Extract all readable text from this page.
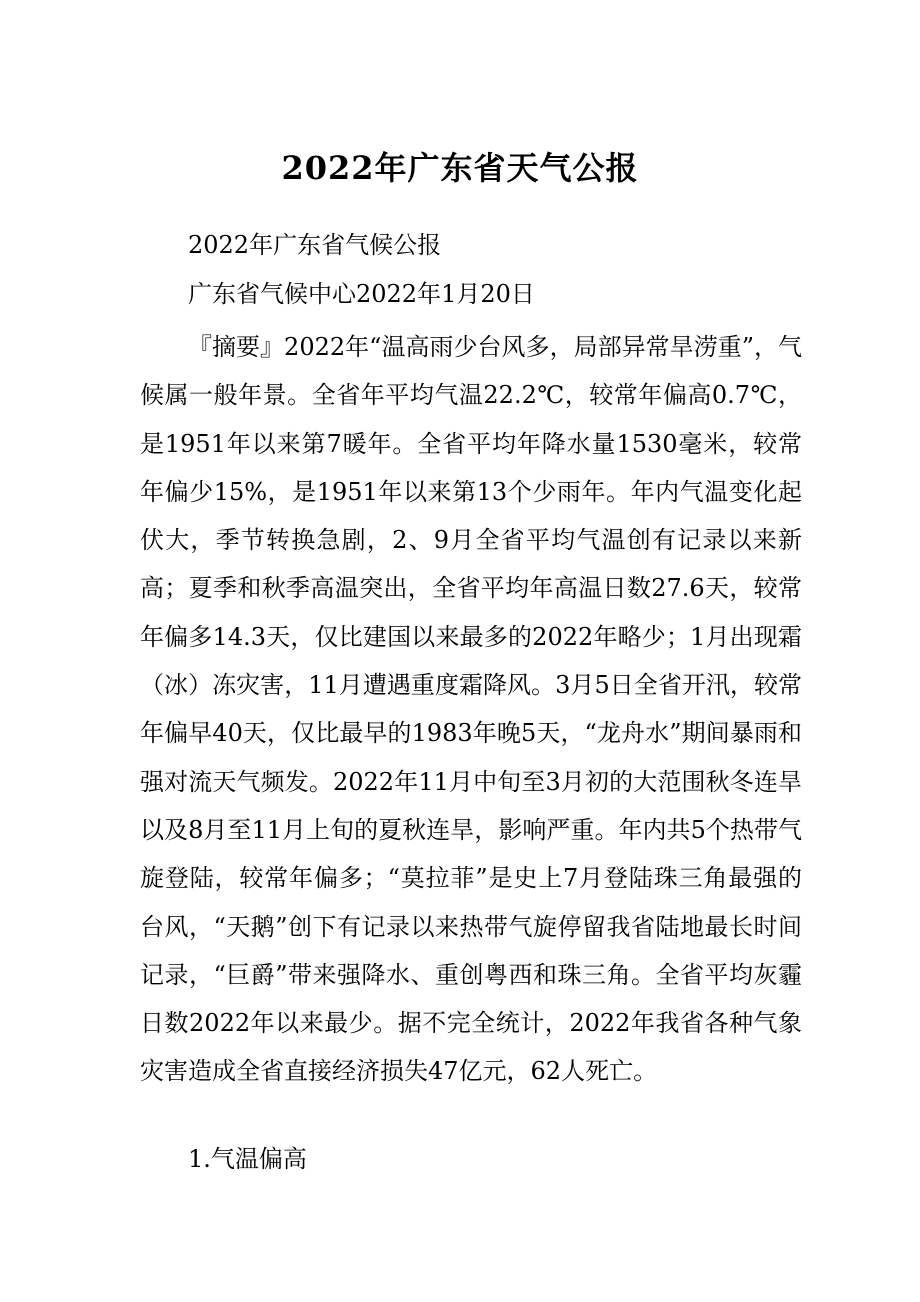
2022年广东省天气公报
2022年广东省气候公报
广东省气候中心2022年1月20日
『摘要』2022年“温高雨少台风多，局部异常旱涝重”，气候属一般年景。全省年平均气温22.2℃，较常年偏高0.7℃，是1951年以来第7暖年。全省平均年降水量1530毫米，较常年偏少15%，是1951年以来第13个少雨年。年内气温变化起伏大，季节转换急剧，2、9月全省平均气温创有记录以来新高；夏季和秋季高温突出，全省平均年高温日数27.6天，较常年偏多14.3天，仅比建国以来最多的2022年略少；1月出现霜（冰）冻灾害，11月遭遇重度霜降风。3月5日全省开汛，较常年偏早40天，仅比最早的1983年晚5天，“龙舟水”期间暴雨和强对流天气频发。2022年11月中旬至3月初的大范围秋冬连旱以及8月至11月上旬的夏秋连旱，影响严重。年内共5个热带气旋登陆，较常年偏多；“莫拉菲”是史上7月登陆珠三角最强的台风，“天鹅”创下有记录以来热带气旋停留我省陆地最长时间记录，“巨爵”带来强降水、重创粤西和珠三角。全省平均灰霾日数2022年以来最少。据不完全统计，2022年我省各种气象灾害造成全省直接经济损失47亿元，62人死亡。
1.气温偏高
